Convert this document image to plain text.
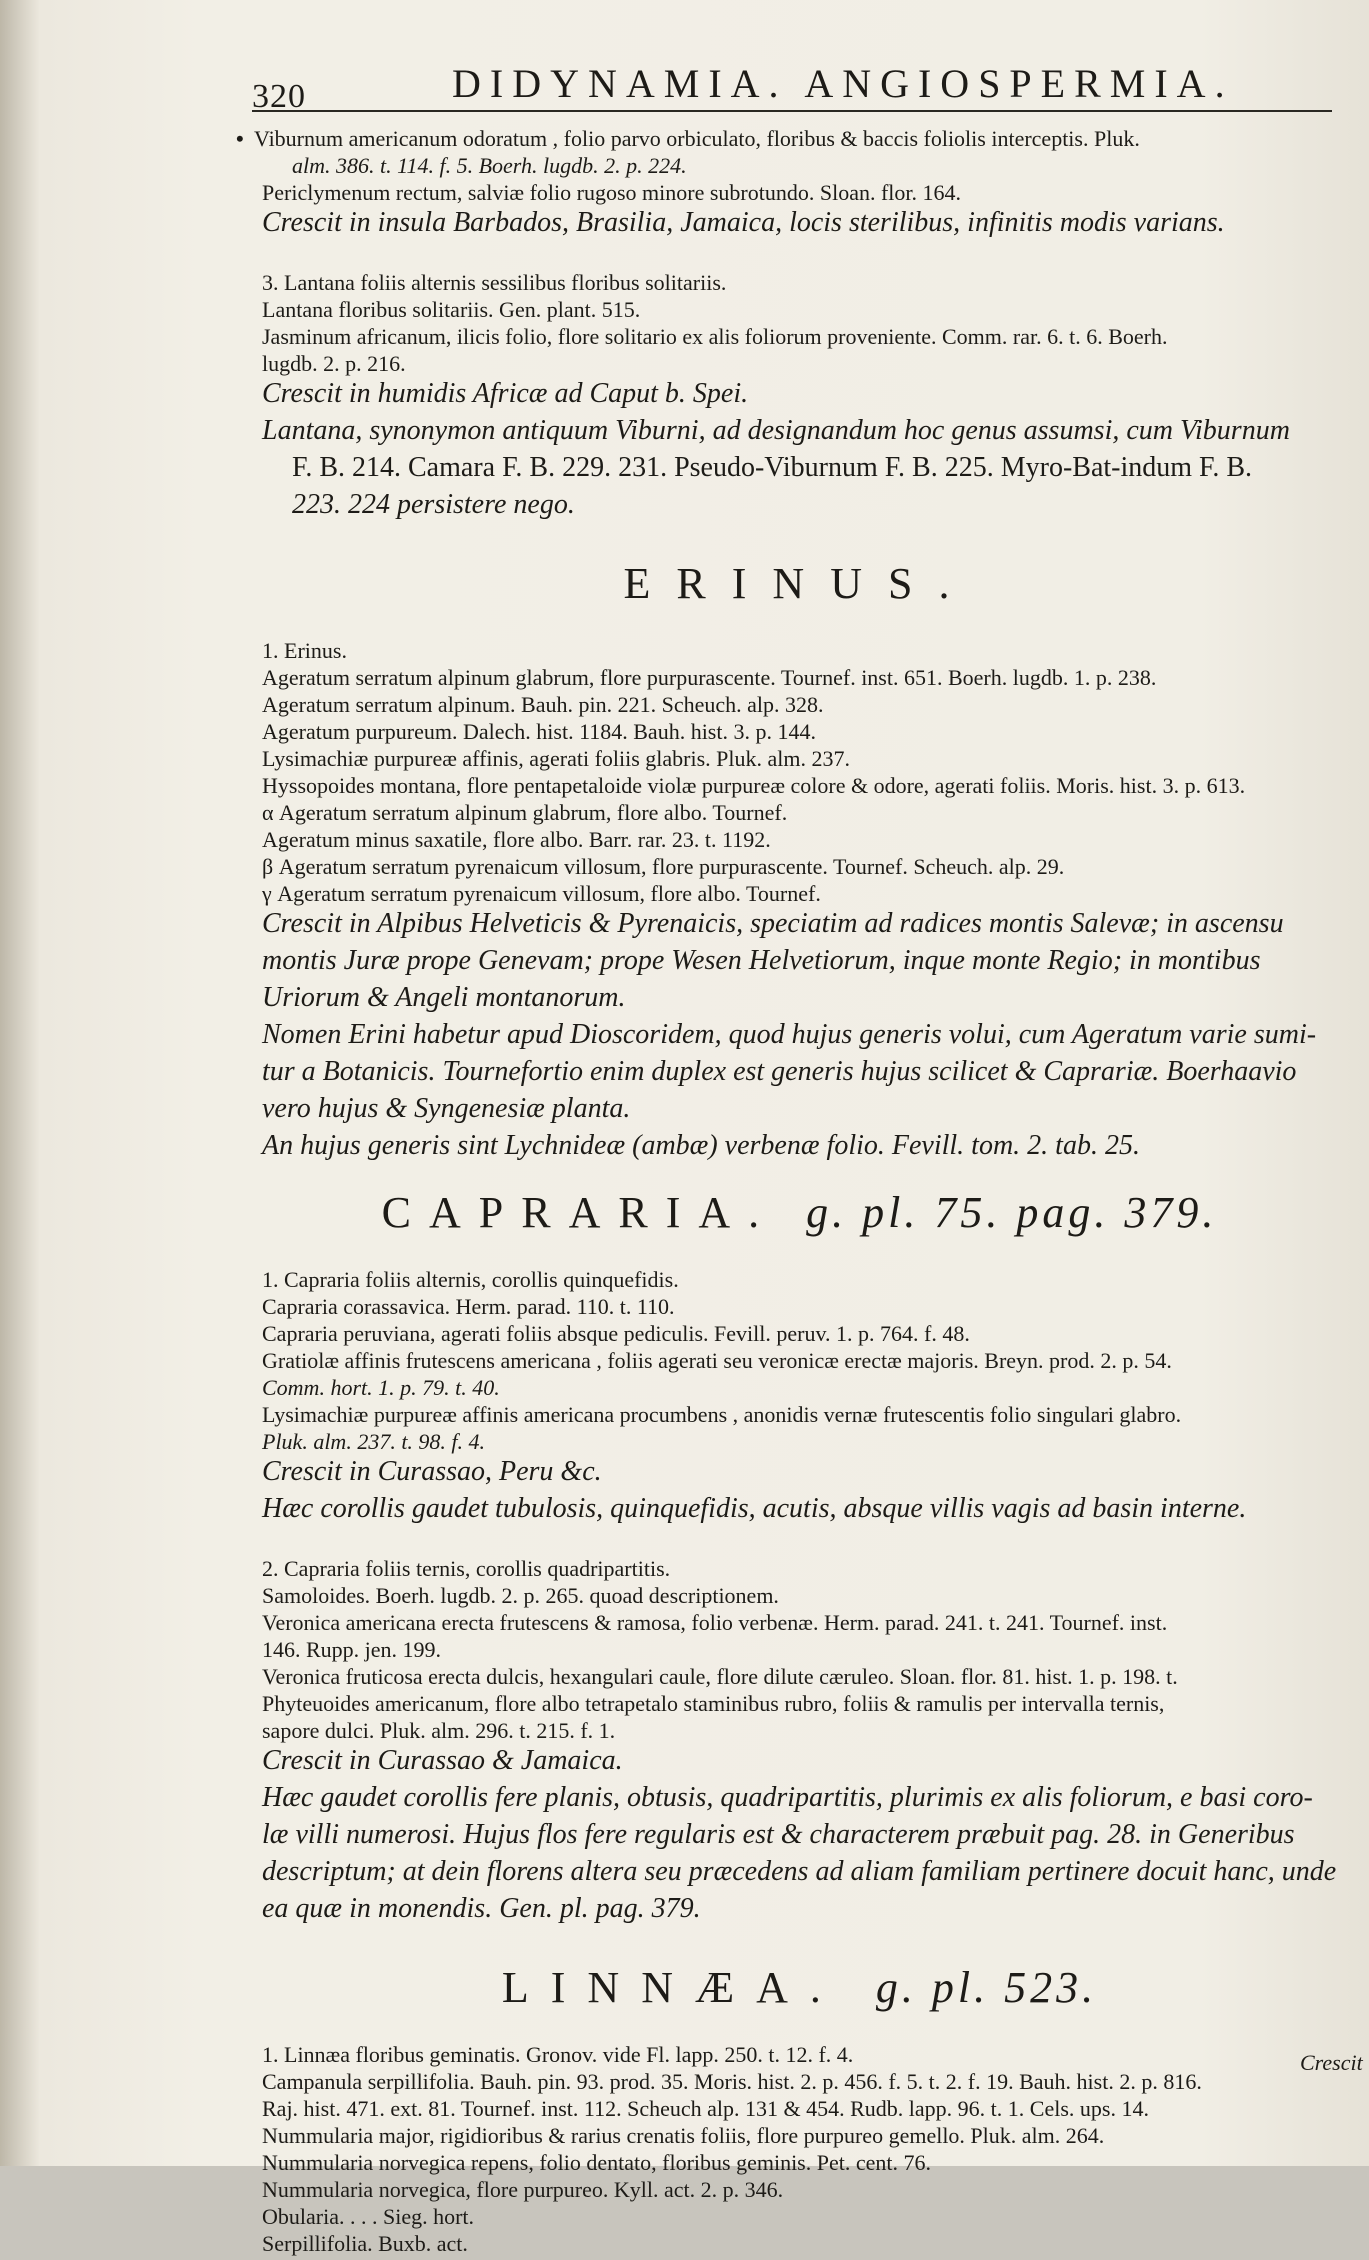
320	DIDYNAMIA. ANGIOSPERMIA.
• Viburnum americanum odoratum , folio parvo orbiculato, floribus & baccis foliolis interceptis. Pluk.
alm. 386. t. 114. f. 5. Boerh. lugdb. 2. p. 224.
Periclymenum rectum, salviæ folio rugoso minore subrotundo. Sloan. flor. 164.
Crescit in insula Barbados, Brasilia, Jamaica, locis sterilibus, infinitis modis varians.
3. Lantana foliis alternis sessilibus floribus solitariis.
Lantana floribus solitariis. Gen. plant. 515.
Jasminum africanum, ilicis folio, flore solitario ex alis foliorum proveniente. Comm. rar. 6. t. 6. Boerh.
lugdb. 2. p. 216.
Crescit in humidis Africæ ad Caput b. Spei.
Lantana, synonymon antiquum Viburni, ad designandum hoc genus assumsi, cum Viburnum
F. B. 214. Camara F. B. 229. 231. Pseudo-Viburnum F. B. 225. Myro-Bat-indum F. B.
223. 224 persistere nego.
ERINUS.
1. Erinus.
Ageratum serratum alpinum glabrum, flore purpurascente. Tournef. inst. 651. Boerh. lugdb. 1. p. 238.
Ageratum serratum alpinum. Bauh. pin. 221. Scheuch. alp. 328.
Ageratum purpureum. Dalech. hist. 1184. Bauh. hist. 3. p. 144.
Lysimachiæ purpureæ affinis, agerati foliis glabris. Pluk. alm. 237.
Hyssopoides montana, flore pentapetaloide violæ purpureæ colore & odore, agerati foliis. Moris. hist. 3. p. 613.
α Ageratum serratum alpinum glabrum, flore albo. Tournef.
Ageratum minus saxatile, flore albo. Barr. rar. 23. t. 1192.
β Ageratum serratum pyrenaicum villosum, flore purpurascente. Tournef. Scheuch. alp. 29.
γ Ageratum serratum pyrenaicum villosum, flore albo. Tournef.
Crescit in Alpibus Helveticis & Pyrenaicis, speciatim ad radices montis Salevæ; in ascensu
montis Juræ prope Genevam; prope Wesen Helvetiorum, inque monte Regio; in montibus
Uriorum & Angeli montanorum.
Nomen Erini habetur apud Dioscoridem, quod hujus generis volui, cum Ageratum varie sumi-
tur a Botanicis. Tournefortio enim duplex est generis hujus scilicet & Caprariæ. Boerhaavio
vero hujus & Syngenesiæ planta.
An hujus generis sint Lychnideæ (ambæ) verbenæ folio. Fevill. tom. 2. tab. 25.
CAPRARIA. g. pl. 75. pag. 379.
1. Capraria foliis alternis, corollis quinquefidis.
Capraria corassavica. Herm. parad. 110. t. 110.
Capraria peruviana, agerati foliis absque pediculis. Fevill. peruv. 1. p. 764. f. 48.
Gratiolæ affinis frutescens americana , foliis agerati seu veronicæ erectæ majoris. Breyn. prod. 2. p. 54.
Comm. hort. 1. p. 79. t. 40.
Lysimachiæ purpureæ affinis americana procumbens , anonidis vernæ frutescentis folio singulari glabro.
Pluk. alm. 237. t. 98. f. 4.
Crescit in Curassao, Peru &c.
Hæc corollis gaudet tubulosis, quinquefidis, acutis, absque villis vagis ad basin interne.
2. Capraria foliis ternis, corollis quadripartitis.
Samoloides. Boerh. lugdb. 2. p. 265. quoad descriptionem.
Veronica americana erecta frutescens & ramosa, folio verbenæ. Herm. parad. 241. t. 241. Tournef. inst.
146. Rupp. jen. 199.
Veronica fruticosa erecta dulcis, hexangulari caule, flore dilute cæruleo. Sloan. flor. 81. hist. 1. p. 198. t.
Phyteuoides americanum, flore albo tetrapetalo staminibus rubro, foliis & ramulis per intervalla ternis,
sapore dulci. Pluk. alm. 296. t. 215. f. 1.
Crescit in Curassao & Jamaica.
Hæc gaudet corollis fere planis, obtusis, quadripartitis, plurimis ex alis foliorum, e basi coro-
læ villi numerosi. Hujus flos fere regularis est & characterem præbuit pag. 28. in Generibus
descriptum; at dein florens altera seu præcedens ad aliam familiam pertinere docuit hanc, unde
ea quæ in monendis. Gen. pl. pag. 379.
LINNÆA. g. pl. 523.
1. Linnæa floribus geminatis. Gronov. vide Fl. lapp. 250. t. 12. f. 4.
Campanula serpillifolia. Bauh. pin. 93. prod. 35. Moris. hist. 2. p. 456. f. 5. t. 2. f. 19. Bauh. hist. 2. p. 816.
Raj. hist. 471. ext. 81. Tournef. inst. 112. Scheuch alp. 131 & 454. Rudb. lapp. 96. t. 1. Cels. ups. 14.
Nummularia major, rigidioribus & rarius crenatis foliis, flore purpureo gemello. Pluk. alm. 264.
Nummularia norvegica repens, folio dentato, floribus geminis. Pet. cent. 76.
Nummularia norvegica, flore purpureo. Kyll. act. 2. p. 346.
Obularia. . . . Sieg. hort.
Serpillifolia. Buxb. act.
Crescit
